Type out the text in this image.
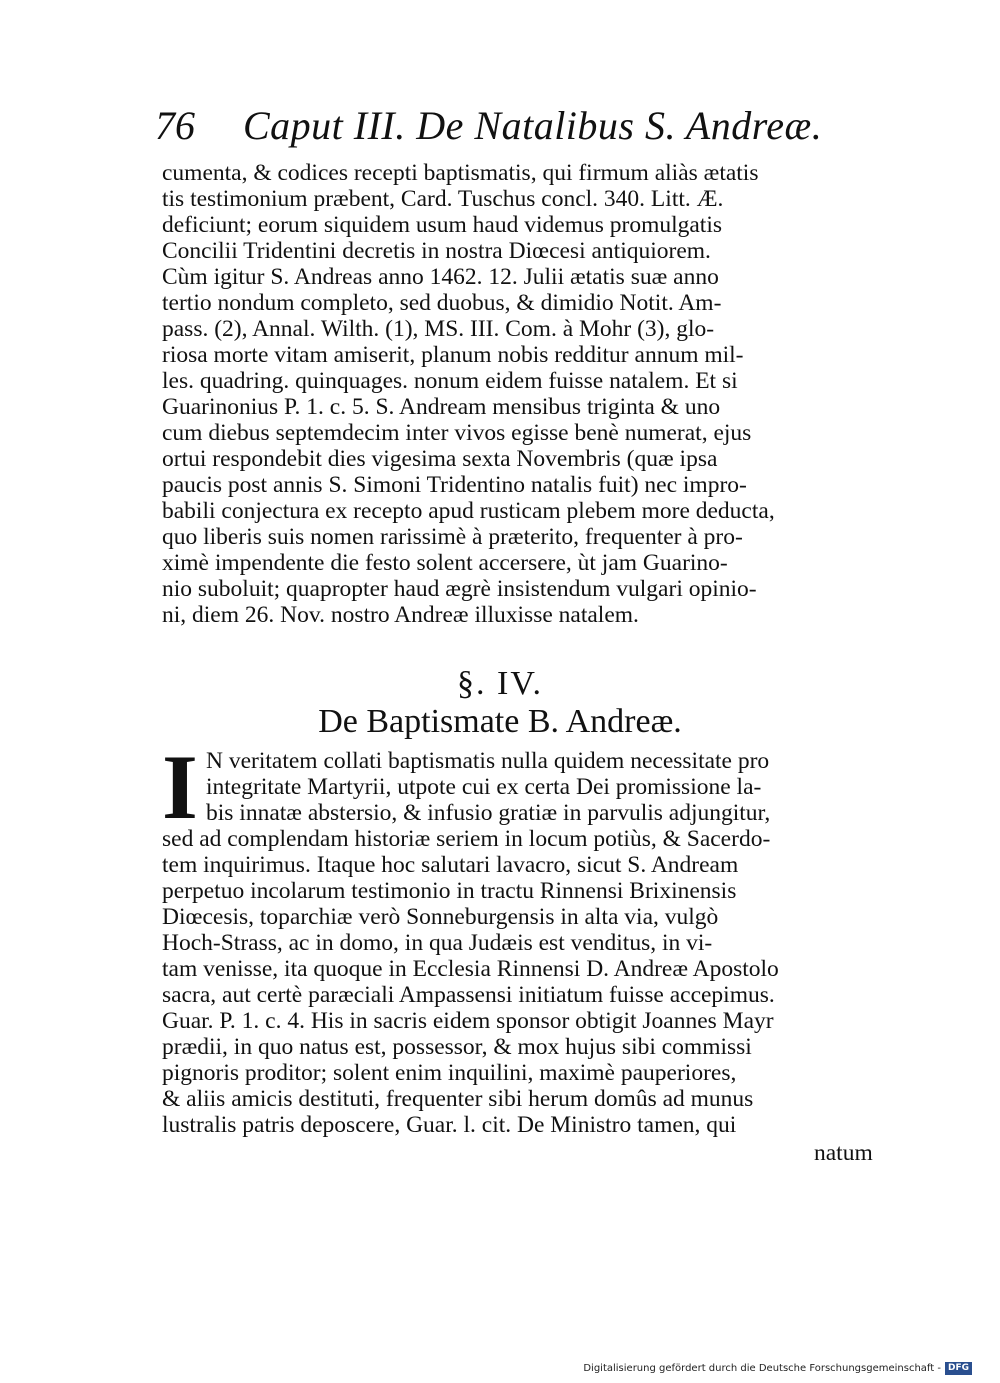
76 Caput III. De Natalibus S. Andreæ.
cumenta, & codices recepti baptismatis, qui firmum aliàs ætatis
tis testimonium præbent, Card. Tuschus concl. 340. Litt. Æ.
deficiunt; eorum siquidem usum haud videmus promulgatis
Concilii Tridentini decretis in nostra Diœcesi antiquiorem.
Cùm igitur S. Andreas anno 1462. 12. Julii ætatis suæ anno
tertio nondum completo, sed duobus, & dimidio Notit. Am-
pass. (2), Annal. Wilth. (1), MS. III. Com. à Mohr (3), glo-
riosa morte vitam amiserit, planum nobis redditur annum mil-
les. quadring. quinquages. nonum eidem fuisse natalem. Et si
Guarinonius P. 1. c. 5. S. Andream mensibus triginta & uno
cum diebus septemdecim inter vivos egisse benè numerat, ejus
ortui respondebit dies vigesima sexta Novembris (quæ ipsa
paucis post annis S. Simoni Tridentino natalis fuit) nec impro-
babili conjectura ex recepto apud rusticam plebem more deducta,
quo liberis suis nomen rarissimè à præterito, frequenter à pro-
ximè impendente die festo solent accersere, ùt jam Guarino-
nio suboluit; quapropter haud ægrè insistendum vulgari opinio-
ni, diem 26. Nov. nostro Andreæ illuxisse natalem.
§. IV.
De Baptismate B. Andreæ.
I N veritatem collati baptismatis nulla quidem necessitate pro
integritate Martyrii, utpote cui ex certa Dei promissione la-
bis innatæ abstersio, & infusio gratiæ in parvulis adjungitur,
sed ad complendam historiæ seriem in locum potiùs, & Sacerdo-
tem inquirimus. Itaque hoc salutari lavacro, sicut S. Andream
perpetuo incolarum testimonio in tractu Rinnensi Brixinensis
Diœcesis, toparchiæ verò Sonneburgensis in alta via, vulgò
Hoch-Strass, ac in domo, in qua Judæis est venditus, in vi-
tam venisse, ita quoque in Ecclesia Rinnensi D. Andreæ Apostolo
sacra, aut certè paræciali Ampassensi initiatum fuisse accepimus.
Guar. P. 1. c. 4. His in sacris eidem sponsor obtigit Joannes Mayr
prædii, in quo natus est, possessor, & mox hujus sibi commissi
pignoris proditor; solent enim inquilini, maximè pauperiores,
& aliis amicis destituti, frequenter sibi herum domûs ad munus
lustralis patris deposcere, Guar. l. cit. De Ministro tamen, qui
natum
Digitalisierung gefördert durch die Deutsche Forschungsgemeinschaft - DFG
